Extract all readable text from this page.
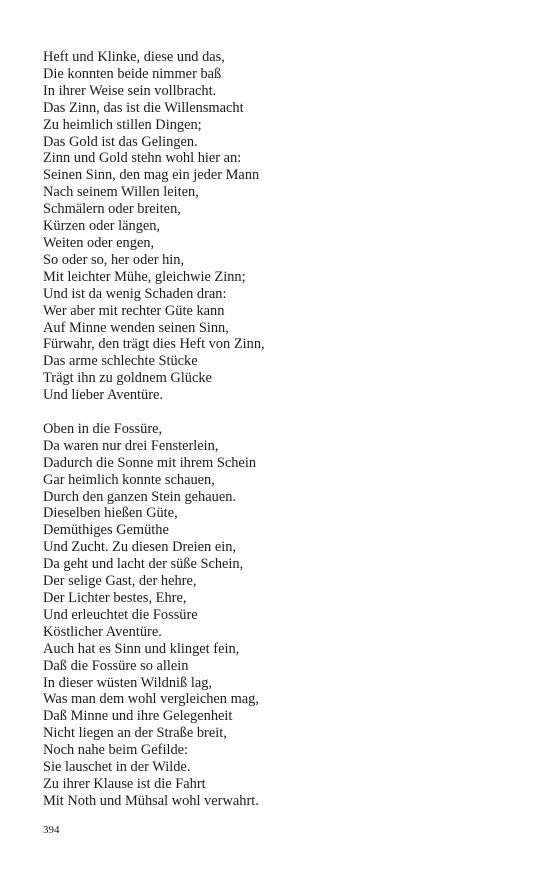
Heft und Klinke, diese und das,
Die konnten beide nimmer baß
In ihrer Weise sein vollbracht.
Das Zinn, das ist die Willensmacht
Zu heimlich stillen Dingen;
Das Gold ist das Gelingen.
Zinn und Gold stehn wohl hier an:
Seinen Sinn, den mag ein jeder Mann
Nach seinem Willen leiten,
Schmälern oder breiten,
Kürzen oder längen,
Weiten oder engen,
So oder so, her oder hin,
Mit leichter Mühe, gleichwie Zinn;
Und ist da wenig Schaden dran:
Wer aber mit rechter Güte kann
Auf Minne wenden seinen Sinn,
Fürwahr, den trägt dies Heft von Zinn,
Das arme schlechte Stücke
Trägt ihn zu goldnem Glücke
Und lieber Aventüre.
Oben in die Fossüre,
Da waren nur drei Fensterlein,
Dadurch die Sonne mit ihrem Schein
Gar heimlich konnte schauen,
Durch den ganzen Stein gehauen.
Dieselben hießen Güte,
Demüthiges Gemüthe
Und Zucht. Zu diesen Dreien ein,
Da geht und lacht der süße Schein,
Der selige Gast, der hehre,
Der Lichter bestes, Ehre,
Und erleuchtet die Fossüre
Köstlicher Aventüre.
Auch hat es Sinn und klinget fein,
Daß die Fossüre so allein
In dieser wüsten Wildniß lag,
Was man dem wohl vergleichen mag,
Daß Minne und ihre Gelegenheit
Nicht liegen an der Straße breit,
Noch nahe beim Gefilde:
Sie lauschet in der Wilde.
Zu ihrer Klause ist die Fahrt
Mit Noth und Mühsal wohl verwahrt.
394
